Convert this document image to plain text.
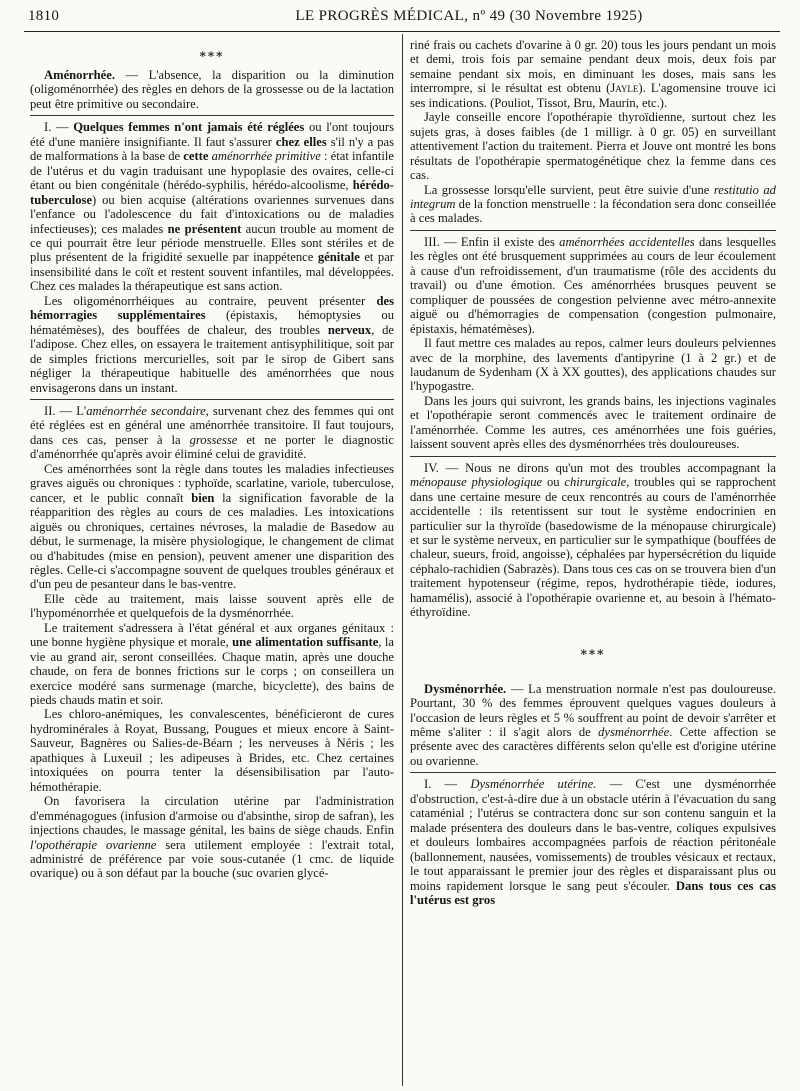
1810	LE PROGRÈS MÉDICAL, nº 49 (30 Novembre 1925)
⁎⁎⁎

Aménorrhée. — L'absence, la disparition ou la diminution (oligoménorrhée) des règles en dehors de la grossesse ou de la lactation peut être primitive ou secondaire.

I. — Quelques femmes n'ont jamais été réglées ou l'ont toujours été d'une manière insignifiante. Il faut s'assurer chez elles s'il n'y a pas de malformations à la base de cette aménorrhée primitive : état infantile de l'utérus et du vagin traduisant une hypoplasie des ovaires, celle-ci étant ou bien congénitale (hérédo-syphilis, hérédo-alcoolisme, hérédo-tuberculose) ou bien acquise (altérations ovariennes survenues dans l'enfance ou l'adolescence du fait d'intoxications ou de maladies infectieuses); ces malades ne présentent aucun trouble au moment de ce qui pourrait être leur période menstruelle. Elles sont stériles et de plus présentent de la frigidité sexuelle par inappétence génitale et par insensibilité dans le coït et restent souvent infantiles, mal développées. Chez ces malades la thérapeutique est sans action.

Les oligoménorrhéiques au contraire, peuvent présenter des hémorragies supplémentaires (épistaxis, hémoptysies ou hématémèses), des bouffées de chaleur, des troubles nerveux, de l'adipose. Chez elles, on essayera le traitement antisyphilitique, soit par de simples frictions mercurielles, soit par le sirop de Gibert sans négliger la thérapeutique habituelle des aménorrhées que nous envisagerons dans un instant.

II. — L'aménorrhée secondaire, survenant chez des femmes qui ont été réglées est en général une aménorrhée transitoire. Il faut toujours, dans ces cas, penser à la grossesse et ne porter le diagnostic d'aménorrhée qu'après avoir éliminé celui de gravidité.

Ces aménorrhées sont la règle dans toutes les maladies infectieuses graves aiguës ou chroniques : typhoïde, scarlatine, variole, tuberculose, cancer, et le public connaît bien la signification favorable de la réapparition des règles au cours de ces maladies. Les intoxications aiguës ou chroniques, certaines névroses, la maladie de Basedow au début, le surmenage, la misère physiologique, le changement de climat ou d'habitudes (mise en pension), peuvent amener une disparition des règles. Celle-ci s'accompagne souvent de quelques troubles généraux et d'un peu de pesanteur dans le bas-ventre.

Elle cède au traitement, mais laisse souvent après elle de l'hypoménorrhée et quelquefois de la dysménorrhée.

Le traitement s'adressera à l'état général et aux organes génitaux : une bonne hygiène physique et morale, une alimentation suffisante, la vie au grand air, seront conseillées. Chaque matin, après une douche chaude, on fera de bonnes frictions sur le corps ; on conseillera un exercice modéré sans surmenage (marche, bicyclette), des bains de pieds chauds matin et soir.

Les chloro-anémiques, les convalescentes, bénéficieront de cures hydrominérales à Royat, Bussang, Pougues et mieux encore à Saint-Sauveur, Bagnères ou Salies-de-Béarn ; les nerveuses à Néris ; les apathiques à Luxeuil ; les adipeuses à Brides, etc. Chez certaines intoxiquées on pourra tenter la désensibilisation par l'auto-hémothérapie.

On favorisera la circulation utérine par l'administration d'emménagogues (infusion d'armoise ou d'absinthe, sirop de safran), les injections chaudes, le massage génital, les bains de siège chauds. Enfin l'opothérapie ovarienne sera utilement employée : l'extrait total, administré de préférence par voie sous-cutanée (1 cmc. de liquide ovarique) ou à son défaut par la bouche (suc ovarien glycé-

riné frais ou cachets d'ovarine à 0 gr. 20) tous les jours pendant un mois et demi, trois fois par semaine pendant deux mois, deux fois par semaine pendant six mois, en diminuant les doses, mais sans les interrompre, si le résultat est obtenu (Jayle). L'agomensine trouve ici ses indications. (Pouliot, Tissot, Bru, Maurin, etc.).

Jayle conseille encore l'opothérapie thyroïdienne, surtout chez les sujets gras, à doses faibles (de 1 milligr. à 0 gr. 05) en surveillant attentivement l'action du traitement. Pierra et Jouve ont montré les bons résultats de l'opothérapie spermatogénétique chez la femme dans ces cas.

La grossesse lorsqu'elle survient, peut être suivie d'une restitutio ad integrum de la fonction menstruelle : la fécondation sera donc conseillée à ces malades.

III. — Enfin il existe des aménorrhées accidentelles dans lesquelles les règles ont été brusquement supprimées au cours de leur écoulement à cause d'un refroidissement, d'un traumatisme (rôle des accidents du travail) ou d'une émotion. Ces aménorrhées brusques peuvent se compliquer de poussées de congestion pelvienne avec métro-annexite aiguë ou d'hémorragies de compensation (congestion pulmonaire, épistaxis, hématémèses).

Il faut mettre ces malades au repos, calmer leurs douleurs pelviennes avec de la morphine, des lavements d'antipyrine (1 à 2 gr.) et de laudanum de Sydenham (X à XX gouttes), des applications chaudes sur l'hypogastre.

Dans les jours qui suivront, les grands bains, les injections vaginales et l'opothérapie seront commencés avec le traitement ordinaire de l'aménorrhée. Comme les autres, ces aménorrhées une fois guéries, laissent souvent après elles des dysménorrhées très douloureuses.

IV. — Nous ne dirons qu'un mot des troubles accompagnant la ménopause physiologique ou chirurgicale, troubles qui se rapprochent dans une certaine mesure de ceux rencontrés au cours de l'aménorrhée accidentelle : ils retentissent sur tout le système endocrinien en particulier sur la thyroïde (basedowisme de la ménopause chirurgicale) et sur le système nerveux, en particulier sur le sympathique (bouffées de chaleur, sueurs, froid, angoisse), céphalées par hypersécrétion du liquide céphalo-rachidien (Sabrazès). Dans tous ces cas on se trouvera bien d'un traitement hypotenseur (régime, repos, hydrothérapie tiède, iodures, hamamélis), associé à l'opothérapie ovarienne et, au besoin à l'hémato-éthyroïdine.

⁎⁎⁎

Dysménorrhée. — La menstruation normale n'est pas douloureuse. Pourtant, 30 % des femmes éprouvent quelques vagues douleurs à l'occasion de leurs règles et 5 % souffrent au point de devoir s'arrêter et même s'aliter : il s'agit alors de dysménorrhée. Cette affection se présente avec des caractères différents selon qu'elle est d'origine utérine ou ovarienne.

I. — Dysménorrhée utérine. — C'est une dysménorrhée d'obstruction, c'est-à-dire due à un obstacle utérin à l'évacuation du sang cataménial ; l'utérus se contractera donc sur son contenu sanguin et la malade présentera des douleurs dans le bas-ventre, coliques expulsives et douleurs lombaires accompagnées parfois de réaction péritonéale (ballonnement, nausées, vomissements) de troubles vésicaux et rectaux, le tout apparaissant le premier jour des règles et disparaissant plus ou moins rapidement lorsque le sang peut s'écouler. Dans tous ces cas l'utérus est gros
